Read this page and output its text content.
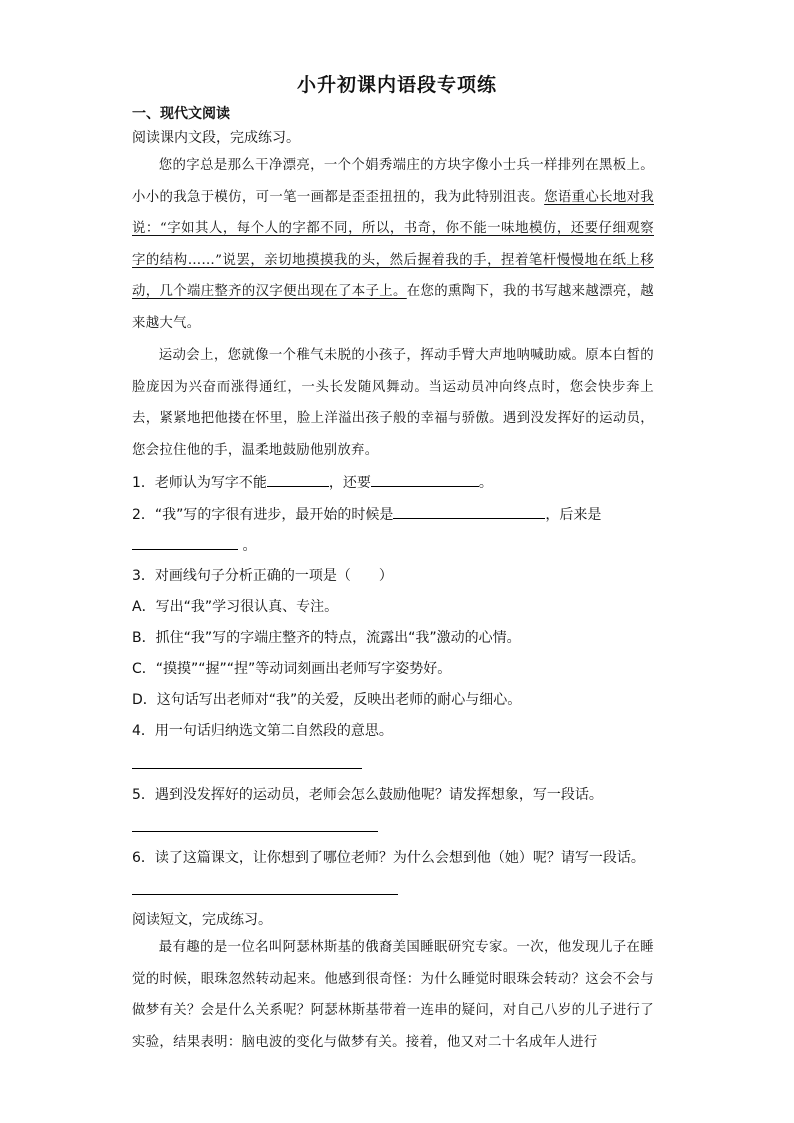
小升初课内语段专项练
一、现代文阅读
阅读课内文段，完成练习。
您的字总是那么干净漂亮，一个个娟秀端庄的方块字像小士兵一样排列在黑板上。小小的我急于模仿，可一笔一画都是歪歪扭扭的，我为此特别沮丧。您语重心长地对我说：“字如其人，每个人的字都不同，所以，书奇，你不能一味地模仿，还要仔细观察字的结构……”说罢，亲切地摸摸我的头，然后握着我的手，捏着笔杆慢慢地在纸上移动，几个端庄整齐的汉字便出现在了本子上。在您的熏陶下，我的书写越来越漂亮，越来越大气。
运动会上，您就像一个稚气未脱的小孩子，挥动手臂大声地呐喊助威。原本白皙的脸庞因为兴奋而涨得通红，一头长发随风舞动。当运动员冲向终点时，您会快步奔上去，紧紧地把他搂在怀里，脸上洋溢出孩子般的幸福与骄傲。遇到没发挥好的运动员，您会拉住他的手，温柔地鼓励他别放弃。
1．老师认为写字不能	，还要	。
2．“我”写的字很有进步，最开始的时候是	，后来是
。
3．对画线句子分析正确的一项是（　　）
A．写出“我”学习很认真、专注。
B．抓住“我”写的字端庄整齐的特点，流露出“我”激动的心情。
C．“摸摸”“握”“捏”等动词刻画出老师写字姿势好。
D．这句话写出老师对“我”的关爱，反映出老师的耐心与细心。
4．用一句话归纳选文第二自然段的意思。
5．遇到没发挥好的运动员，老师会怎么鼓励他呢？请发挥想象，写一段话。
6．读了这篇课文，让你想到了哪位老师？为什么会想到他（她）呢？请写一段话。
阅读短文，完成练习。
最有趣的是一位名叫阿瑟林斯基的俄裔美国睡眠研究专家。一次，他发现儿子在睡觉的时候，眼珠忽然转动起来。他感到很奇怪：为什么睡觉时眼珠会转动？这会不会与做梦有关？会是什么关系呢？阿瑟林斯基带着一连串的疑问，对自己八岁的儿子进行了实验，结果表明：脑电波的变化与做梦有关。接着，他又对二十名成年人进行
